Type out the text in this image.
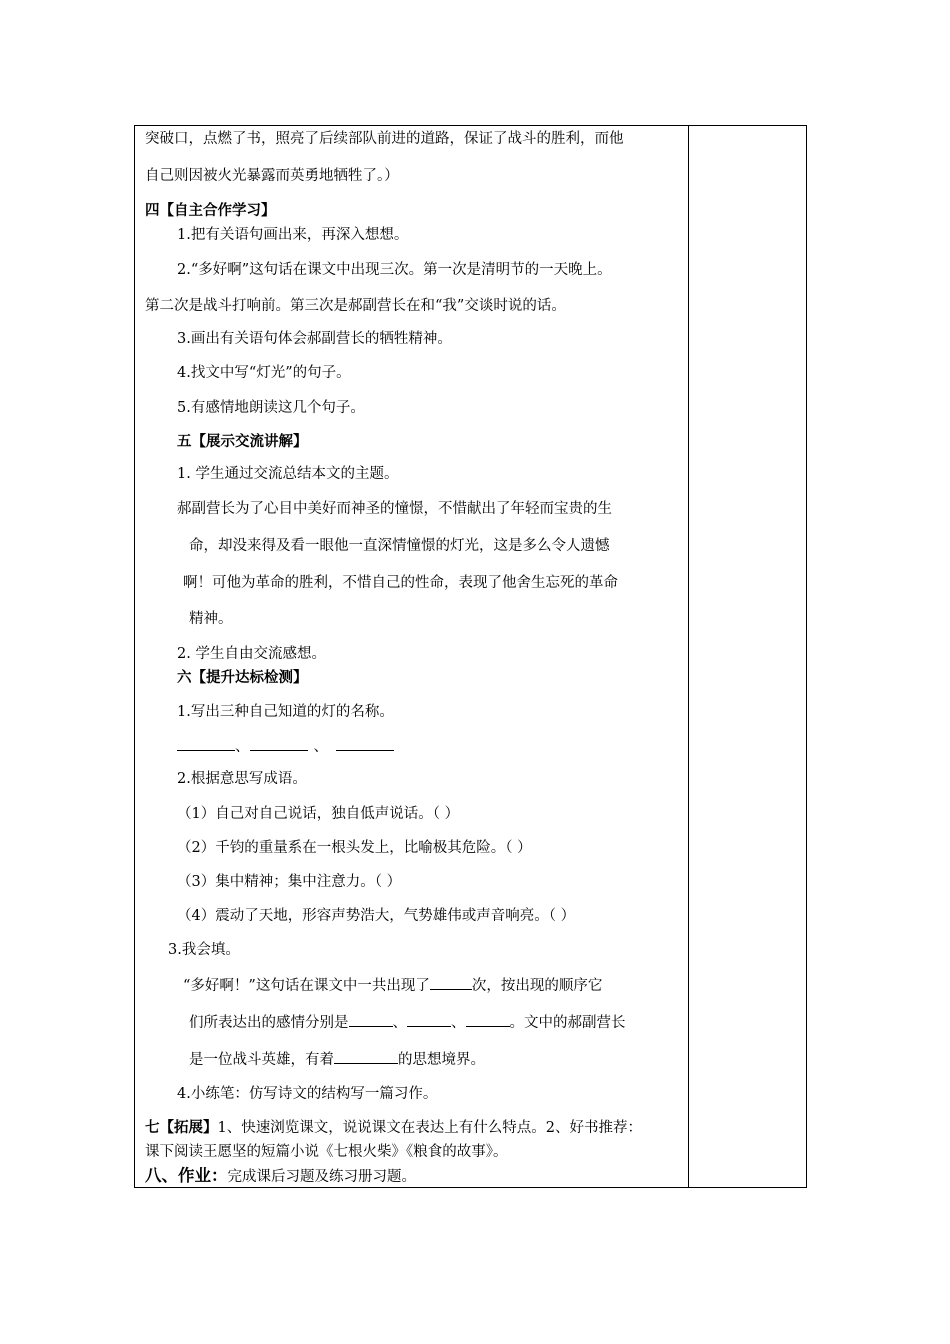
突破口，点燃了书，照亮了后续部队前进的道路，保证了战斗的胜利，而他
自己则因被火光暴露而英勇地牺牲了。）
四【自主合作学习】
1.把有关语句画出来，再深入想想。
2.“多好啊”这句话在课文中出现三次。第一次是清明节的一天晚上。
第二次是战斗打响前。第三次是郝副营长在和“我”交谈时说的话。
3.画出有关语句体会郝副营长的牺牲精神。
4.找文中写“灯光”的句子。
5.有感情地朗读这几个句子。
五【展示交流讲解】
1. 学生通过交流总结本文的主题。
郝副营长为了心目中美好而神圣的憧憬，不惜献出了年轻而宝贵的生
命，却没来得及看一眼他一直深情憧憬的灯光，这是多么令人遗憾
啊！可他为革命的胜利，不惜自己的性命，表现了他舍生忘死的革命
精神。
2. 学生自由交流感想。
六【提升达标检测】
1.写出三种自己知道的灯的名称。
、	、
2.根据意思写成语。
（1）自己对自己说话，独自低声说话。（ ）
（2）千钧的重量系在一根头发上，比喻极其危险。（ ）
（3）集中精神；集中注意力。（ ）
（4）震动了天地，形容声势浩大，气势雄伟或声音响亮。（ ）
3.我会填。
“多好啊！”这句话在课文中一共出现了	次，按出现的顺序它
们所表达出的感情分别是	、	、	。文中的郝副营长
是一位战斗英雄，有着	的思想境界。
4.小练笔：仿写诗文的结构写一篇习作。
七【拓展】1、快速浏览课文，说说课文在表达上有什么特点。2、好书推荐：
课下阅读王愿坚的短篇小说《七根火柴》《粮食的故事》。
八、作业：完成课后习题及练习册习题。
